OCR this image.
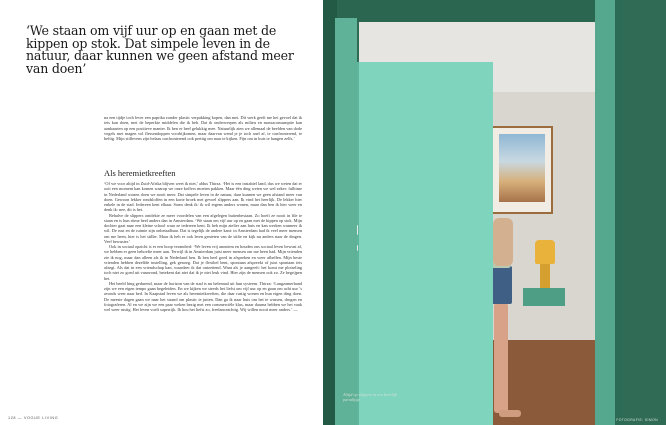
‘We staan om vijf uur op en gaan met de kippen op stok. Dat simpele leven in de natuur, daar kunnen we geen afstand meer van doen’

na een tijdje toch lever een paprika zonder plastic verpakking kopen, dan met. Dit werk geeft me het gevoel dat ik iets kan doen, met de beperkte middelen die ik heb. Dat ik onderwerpen als milieu en massaconsumptie kan aankaarten op een positieve manier. Ik ben er heel gelukkig mee. Natuurlijk zien we allemaal de beelden van dode vogels met magen vol flessendoppen voorbijkomen, maar daarvan wend je je toch snel af, te confronterend, te heftig. Mijn stillevens zijn helaas confronterend ook prettig om naar te kijken. Fijn om in huis te hangen zelfs.’

Als heremietkreeften

‘Of we voor altijd in Zuid-Afrika blijven weet ik niet,’ aldus Thirza. ‘Het is een instabiel land, dus we weten dat er ooit een moment kan komen waarop we onze koffers moeten pakken. Maar één ding weten we wel zeker: fulltime in Nederland wonen doen we nooit meer. Dat simpele leven in de natuur, daar kunnen we geen afstand meer van doen. Gewoon lekker rondsloffen in een korte broek met gevoel slippers aan. Ik vind het heerlijk. De lekker hier enkele in de stad. Iedereen kent elkaar. Soms denk ik: ik wil ergens anders wonen, maar dan ben ik hier weer en denk ik: nee, dit is het.

Behalve de slippers ontdekte ze meer voordelen van een afgelegen buitenbestaan. Zo hoeft ze nooit in file te staan en is hun ritme heel anders dan in Amsterdam. ‘We staan om vijf uur op en gaan met de kippen op stok. Mijn dochter gaat naar een kleine school waar ze iedereen kent. Ik heb mijn atelier aan huis en kan werken wanneer ik wil. De rust en de ruimte zijn onbetaalbaar. Dat is tegelijk de andere kant: in Amsterdam had ik veel meer mensen om me heen, hier is het stiller. Maar ik heb er ook leren genieten van de stilte en kijk nu anders naar de dingen. Veel bewuster.’

Ook in sociaal opzicht is er een hoop veranderd: ‘We leven vrij anoniem en houden ons sociaal leven bewust af, we hebben er geen behoefte meer aan. Terwijl ik in Amsterdam juist meer mensen om me heen had. Mijn vrienden zie ik nog, maar dan alleen als ik in Nederland ben. Ik ben heel goed in afspreken en weer afbellen. Mijn beste vrienden hebben dezelfde instelling, gek genoeg. Dat je flexibel bent, spontaan afspreekt of juist spontaan iets afzegt. Als dat in een vriendschap kan, waardeer ik dat ontzettend. Want als je aangeeft: het komt me plotseling toch niet zo goed uit vanavond, betekent dat niet dat ik je niet leuk vind. Hier zijn de mensen ook zo. Ze begrijpen het.

Het beeld hing gedurend, maar de horizon van de stad is nu helemaal uit hun systeem. Thirza: ‘Langzamerhand zijn we een eigen tempo gaan begeleiden. En we kijken we steeds het liefst om vijf uur op en gaan om acht uur ’s avonds weer naar bed. In Kaapstad leven we als heremietkreeften, die daar rustig wonen en hun eigen ding doen. De meeste dagen gaan we naar het strand om plastic te jutten. Dan ga ik naar huis om het te wassen, drogen en fotograferen. Al en we zijn we een paar weken bezig met een commerciële klus, maar daarna hebben we het vaak wel weer rustig. Het leven voelt superrijk. Ik hou het liefst zo, freelanceachtig. Wij willen nooit meer anders.’ —

128 — VOGUE LIVING
Altijd op slippers in een heerlijk paradijsje.
FOTOGRAFIE: SIMON
